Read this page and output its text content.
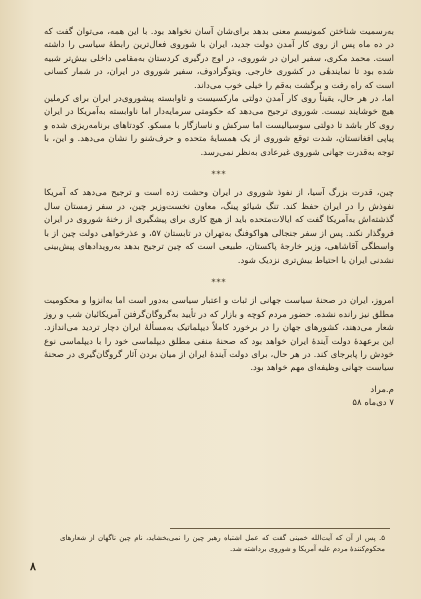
به‌رسمیت شناختن کمونیسم معنی بدهد برای‌شان آسان نخواهد بود. با این همه، می‌توان گفت که در ده ماه پس از روی کار آمدن دولت جدید، ایران با شوروی فعال‌ترین رابطهٔ سیاسی را داشته است. محمد مکری، سفیر ایران در شوروی، در اوج درگیری کردستان به‌مقامی داخلی بیش‌تر شبیه شده بود تا نمایندهٔی در کشوری خارجی. ویتوگرادوف، سفیر شوروی در ایران، در شمار کسانی است که راه رفت و برگشت به‌قم را خیلی خوب می‌داند.

اما، در هر حال، یقیناً روی کار آمدن دولتی مارکسیست و تاوابسته پیشوروی‌در ایران برای کرملین هیچ خوشایند نیست. شوروی ترجیح می‌دهد که حکومتی سرمایه‌دار اما ناوابسته به‌آمریکا در ایران روی کار باشد تا دولتی سوسیالیست اما سرکش و ناسازگار با مسکو. کودتاهای برنامه‌ریزی شده و پیاپی افغانستان، شدت توقع شوروی از یک همسایهٔ متحده و حرف‌شنو را نشان می‌دهد. و این، با توجه به‌قدرت جهانی شوروی غیرعادی به‌نظر نمی‌رسد.

***

چین، قدرت بزرگ آسیا، از نفوذ شوروی در ایران وحشت زده است و ترجیح می‌دهد که آمریکا نفوذش را در ایران حفظ کند. تنگ شیائو پینگ، معاون نخست‌وزیر چین، در سفر زمستان سال گذشته‌اش به‌آمریکا گفت که ایالات‌متحده باید از هیچ کاری برای پیشگیری از رخنهٔ شوروی در ایران فروگذار نکند. پس از سفر جنجالی هواکوفنگ به‌تهران در تابستان ۵۷، و عذرخواهی دولت چین از با واسطگی آقاشاهی، وزیر خارجهٔ پاکستان، طبیعی است که چین ترجیح بدهد به‌رویدادهای پیش‌بینی نشدنی ایران با احتیاط بیش‌تری نزدیک شود.

***

امروز، ایران در صحنهٔ سیاست جهانی از ثبات و اعتبار سیاسی به‌دور است اما به‌انزوا و محکومیت مطلق نیز رانده نشده. حضور مردم کوچه و بازار که در تأیید به‌گروگان‌گرفتن آمریکائیان شب و روز شعار می‌دهند، کشورهای جهان را در برخورد کاملاً دیپلماتیک به‌مسألهٔ ایران دچار تردید می‌اندازد. این برعهدهٔ دولت آیندهٔ ایران خواهد بود که صحنهٔ منفی مطلق دیپلماسی خود را با دیپلماسی نوع خودش را پابرجای کند. در هر حال، برای دولت آیندهٔ ایران از میان بردن آثار گروگان‌گیری در صحنهٔ سیاست جهانی وظیفه‌ای مهم خواهد بود.

م.مراد
۷ دی‌ماه ۵۸
۵. پس از آن که آیت‌الله خمینی گفت که عمل اشتباه رهبر چین را نمی‌بخشاید، نام چین ناگهان از شعارهای محکوم‌کنندهٔ مردم علیه آمریکا و شوروی برداشته شد.
۸
